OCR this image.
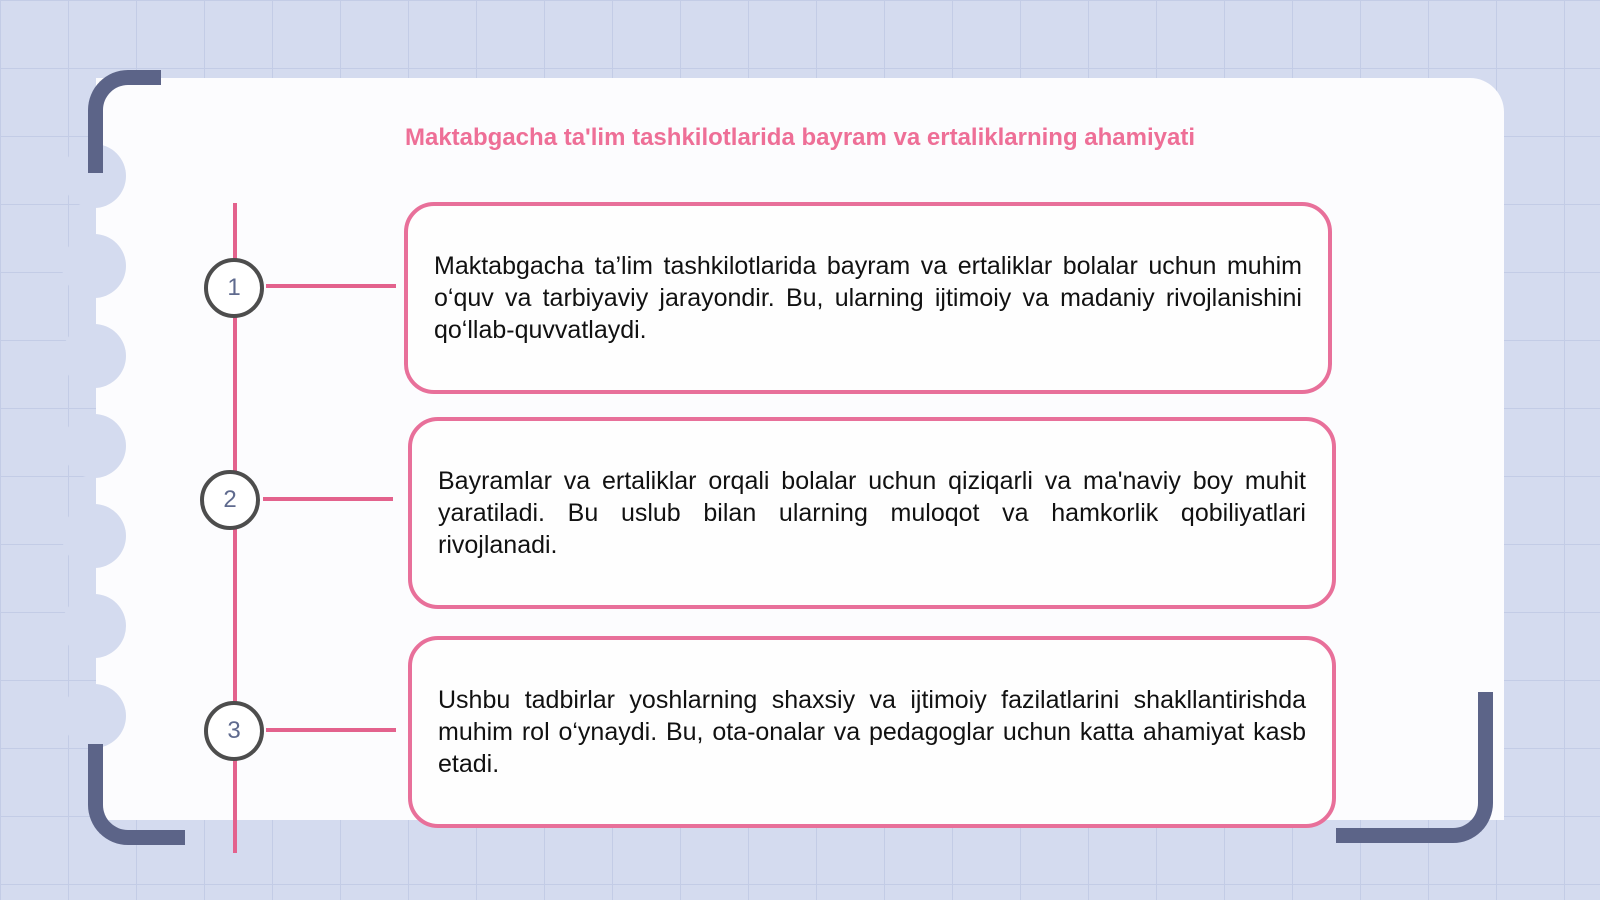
Maktabgacha ta'lim tashkilotlarida bayram va ertaliklarning ahamiyati
1
2
3

Maktabgacha ta’lim tashkilotlarida bayram va ertaliklar bolalar uchun muhim o‘quv va tarbiyaviy jarayondir. Bu, ularning ijtimoiy va madaniy rivojlanishini qo‘llab-quvvatlaydi.

Bayramlar va ertaliklar orqali bolalar uchun qiziqarli va ma'naviy boy muhit yaratiladi. Bu uslub bilan ularning muloqot va hamkorlik qobiliyatlari rivojlanadi.

Ushbu tadbirlar yoshlarning shaxsiy va ijtimoiy fazilatlarini shakllantirishda muhim rol o‘ynaydi. Bu, ota-onalar va pedagoglar uchun katta ahamiyat kasb etadi.
